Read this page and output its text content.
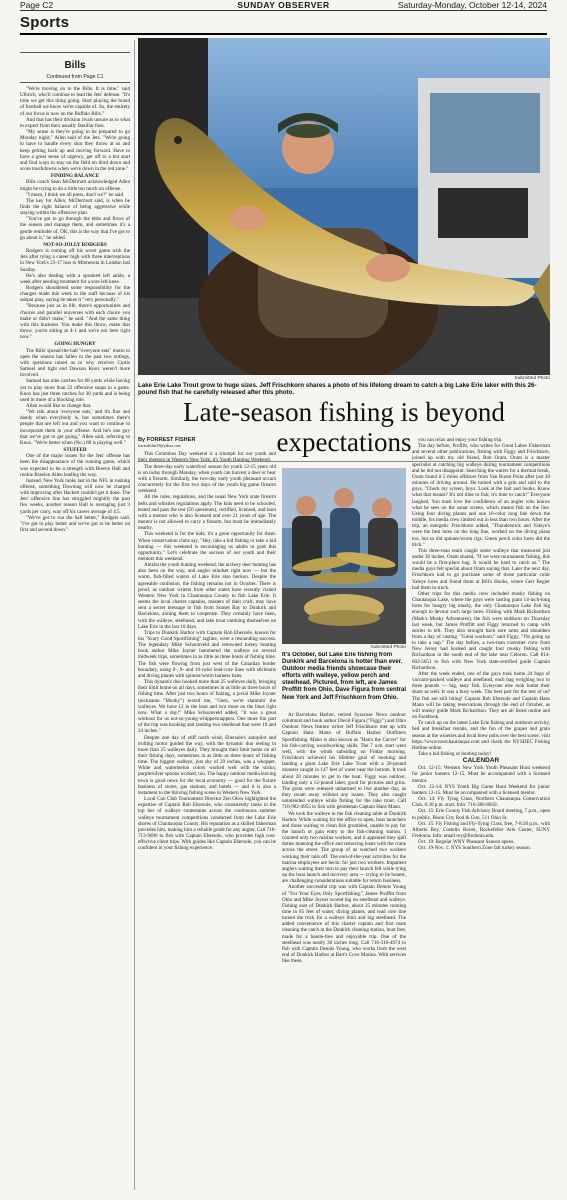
Page C2	SUNDAY OBSERVER	Saturday-Monday, October 12-14, 2024
Sports
Bills
Continued from Page C1

"We're moving on to the Bills. It is time," said Ulbrich, who'll continue to lead the Jets' defense. "It's time we get this thing going. Start playing the brand of football we know we're capable of. So, the entirety of our focus is now on the Buffalo Bills."

And that has their division rivals unsure as to what to expect from their usually familiar foes.

"My sense is they're going to be prepared to go Monday night," Allen said of the Jets. "We're going to have to handle every shot they throw at us and keep getting back up and moving forward. Have to have a great sense of urgency, get off to a hot start and find ways to stay on the field on third down and score touchdowns when we're down in the red zone."

FINDING BALANCE

Bills coach Sean McDermott acknowledged Allen might be trying to do a little too much on offense.

"I mean, I think we all press, don't we?" he said.

The key for Allen, McDermott said, is when he finds the right balance of being aggressive while staying within the offensive plan.

"You've got to go through the ebbs and flows of the season and manage them, and sometimes it's a gentle reminder of, OK, this is the way that I've got to go about it," he added.

NOT-SO-JOLLY RODGERS

Rodgers is coming off his worst game with the Jets after tying a career high with three interceptions in New York's 23-17 loss to Minnesota in London last Sunday.

He's also dealing with a sprained left ankle, a week after needing treatment for a sore left knee.

Rodgers shouldered some responsibility for the changes made this week to the staff because of his subpar play, saying he takes it "very personally."

"Because just as in life, there's opportunities and choices and parallel universes with each choice you make or didn't make," he said. "And the same thing with this business. You make this throw, make that throw, you're sitting at 4-1 and we're not here right now."

GOING HUNGRY

The Bills' spread-the-ball "everyone eats" motto to open the season has fallen in the past two outings, with questions raised as to why receiver Curtis Samuel and tight end Dawson Knox weren't more involved.

Samuel has nine catches for 68 yards while having yet to play more than 22 offensive snaps in a game. Knox has just three catches for 30 yards and is being used in more of a blocking role.

Allen would like to change that.

"We talk about 'everyone eats,' and it's fine and dandy when everybody is, but sometimes there's people that are left out and you want to continue to incorporate them in your offense. And he's one guy that we've got to get going," Allen said, referring to Knox. "We're better when (No.) 88 is playing well."

STUFFED

One of the major issues for the Jets' offense has been the disappearance of the running game, which was expected to be a strength with Breece Hall and rookie Braelon Allen leading the way.

Instead, New York ranks last in the NFL in rushing offense, something Downing will now be charged with improving after Hackett couldn't get it done. The Jets' offensive line has struggled mightily the past few weeks, another reason Hall is averaging just 3 yards per carry, way off his career average of 4.5.

"We've got to run the ball better," Rodgers said. "I've got to play better and we've got to be better on first and second down."

Submitted Photo
Lake Erie Lake Trout grow to huge sizes. Jeff Frischkorn shares a photo of his lifelong dream to catch a big Lake Erie laker with this 26-pound fish that he carefully released after this photo.
Late-season fishing is beyond expectations

By FORREST FISHER

forrestfisher39@yahoo.com

This Columbus Day weekend is a triumph for our youth and their mentors in Western New York; it's Youth Hunting Weekend.

The three-day early waterfowl season for youth 12-15 years old is on today through Monday, when youth can harvest a deer or bear with a firearm. Similarly, the two-day early youth pheasant occurs concurrently for the first two days of the youth big game firearm weekend.

All the rules, regulations, and the usual New York state firearm belts and whistles regulations apply. The kids need to be schooled, tested and pass the test (50 questions), certified, licensed, and hunt with a mentor who is also licensed and over 21 years of age. The mentor is not allowed to carry a firearm, but must be immediately nearby.

This weekend is for the kids; it's a great opportunity for them. When conservation clubs say, "Hey, take a kid fishing or take a kid hunting — this weekend is encouraging us adults to grab this opportunity." Let's celebrate the success of our youth and their mentors this weekend.

Amidst the youth hunting weekend, the archery deer hunting has also been on the way, and angler mindset right now — but the warm, fish-filled waters of Lake Erie also beckon. Despite the agreeable confusion, the fishing remains hot in October. There is proof, as outdoor writers from other states have recently visited Western New York in Chautauqua County to fish Lake Erie. It seems the local charter captains, masters of their craft, may have sent a secret message to fish from Sunset Bay to Dunkirk and Barcelona, aiming them to cooperate. They certainly have been, with the walleye, steelhead, and lake trout outdoing themselves on Lake Erie in the last 10 days.

Trips to Dunkirk Harbor with Captain Rob Ebersole, known for his "Scary Good Sportfishing" tagline, were a resounding success. The legendary Mike Schoonveld and renowned turkey hunting book author Mike Joyner hammered the walleye on several midweek trips, sometimes in as little as three hours of fishing time. The fish were flowing from just west of the Canadian border boundary, using 8-, 9- and 10-color lead-core lines with stickbaits and diving planes with spinner/worm harness baits.

This dynamic duo hooked more than 25 walleyes daily, bringing their limit home on all days, sometimes in as little as three hours of fishing time. After just two hours of fishing, a jovial Mike Joyner (nickname "Mooky") texted me, "Geez, we're slammin' the walleyes. We have 12 in the boat and two more on the lines right now. What a day!" Mike Schoonveld added, "It was a great workout for us not-so-young-whippersnappers. One more fun part of the trip was hooking and landing two steelhead that were 19 and 24 inches."

Despite one day of stiff north wind, Ebersole's autopilot and trolling motor guided the way, with the dynamic duo reeling in more than 25 walleyes daily. They brought their limit home on all their fishing days, sometimes in as little as three hours of fishing time. The biggest walleye, just shy of 29 inches, was a whopper. White and watermelon colors worked well with the sticks; purple/silver spoons worked, too. The happy outdoor media leaving town is good news for the local economy — good for the fixture business of stores, gas stations, and hotels — and it is also a testament to the thriving fishing scene in Western New York.

Local Con Club Tournament Director Zen Olow highlighted the expertise of Captain Rob Ebersole, who consistently ranks in the top tier of walleye contestants across the continuous summer walleye tournament competitions conducted from the Lake Erie shores of Chautauqua County. His reputation as a skilled fisherman precedes him, making him a reliable guide for any angler. Call 716-713-9696 to fish with Captain Ebersole, who provides high cost-effective client trips. With guides like Captain Ebersole, you can be confident in your fishing experience.

Submitted Photo
It's October, but Lake Erie fishing from Dunkirk and Barcelona is hotter than ever. Outdoor media friends showcase their efforts with walleye, yellow perch and steelhead. Pictured, from left, are James Proffitt from Ohio, Dave Figura from central New York and Jeff Frischkorn from Ohio.

At Barcelona Harbor, retired Syracuse News outdoor columnist and book author David Figura ("Figgy") and Ohio Outdoor News feature writer Jeff Frischkorn met up with Captain Hans Mann of Buffalo Harbor Outfitters Sportfishing. Mann is also known as "Han's the Carver" for his fish-carving woodworking skills. The 7 a.m. start went well, with the winds subsiding on Friday morning. Frischkorn achieved his lifetime goal of hooking and landing a giant Lake Erie Lake Trout with a 26-pound monster caught in 147 feet of water near the bottom. It took about 20 minutes to get to the boat. Figgy was outdoor, landing only a 12-pound laker, good for pictures and grins. The great were released unharmed to live another day, as they swam away without any issues. They also caught unintended walleye while fishing for the lake trout. Call 716-982-4955 to fish with gentleman Captain Hans Mann.

We took the walleye to the fish cleaning table at Dunkirk Harbor. While waiting for the office to open, boat launchers and those waiting to clean fish grumbled, unable to pay for the launch or gain entry to the fish-cleaning station. I counted only two marina workers, and it appeared they split duties manning the office and removing boats with the crane across the street. The group of us watched two workers working their tails off. The end-of-the-year activities for the marina employees are hectic for just two workers. Impatient anglers waiting their turn to pay their launch fell while tying up the boat launch and recovery area — trying to be honest, are challenging considerations suitable for return business.

Another successful trip was with Captain Dennis Young of "For Your Eyes Only Sportfishing." James Proffitt from Ohio and Mike Joyner scored big on steelhead and walleye. Fishing east of Dunkirk Harbor, about 25 minutes running time in 85 feet of water, diving planes, and lead core line turned the trick for a walleye limit and big steelhead. The added convenience of this charter captain and first mate cleaning the catch at the Dunkirk cleaning station, boat free, made for a hassle-free and enjoyable trip. One of the steelhead was nearly 30 inches long. Call 716-316-4974 to fish with Captain Dennis Young, who works from the west end of Dunkirk Harbor at Bart's Cove Marina. With services like these,

you can relax and enjoy your fishing trip.

The day before, Proffitt, who writes for Great Lakes Fisherman and several other publications, fishing with Figgy and Frischkorn, joined up with my old friend, Rob Oram. Oram is a master specialist at catching big walleye during tournament competitions and he did not disappoint. Searching the waters for a thermal break, Oram found it 5 miles offshore from Van Buren Point after just 30 minutes of driving around. He turned with a grin and said to the guys, "Check my screen, boys. Look at the bait and hooks. Know what that means? It's not time to fish; it's time to catch!" Everyone laughed. You must love the confidence of an angler who knows what he sees on the sonar screen, which means fish on the line. Using four diving planes and one 10-color long line down the middle, his media crew limited out in less than two hours. After the trip, an energetic Frischkorn added, "Thunderstick and Yaleye's were the best lures on the long line, worked on the diving plans too, but so did spinner/worm rigs. Green perch color lures did the trick."

This three-man team caught some walleye that measured just under 30 inches. Oram shared, "If we were tournament fishing, this would be a first-place bag. It would be hard to catch us." The media guys felt special about Oram saying that. Later the next day, Frischkorn had to go purchase some of those particular color Yaleye lures and found them at Bill's Hooks, where Gert Begier had them in stock.

Other trips for this media crew included musky fishing on Chautauqua Lake, where the guys were casting giant 14-inch-long lures for hungry big musky, the only Chautauqua Lake fish big enough to devour such large lures. Fishing with Mark Richardson (Mark's Musky Adventures), the fish were stubborn on Thursday last week, but James Proffitt and Figgy returned to camp with stories to tell. They also brought back sore arms and shoulders from a day of casting. "Great workout," said Figgy, "I'm going up to take a nap." The day before, a two-man customer crew from New Jersey had hooked and caught four musky fishing with Richardson in the south end of the lake near Celoron. Call 814-602-5651 to fish with New York state-certified guide Captain Richardson.

After the week ended, one of the guys took home 24 bags of vacuum-packed walleye and steelhead, each bag weighing two to three pounds — big, tasty fish. Everyone else took home their share as well. It was a busy week. The best part for the rest of us? The fish are still biting! Captain Rob Ebersole and Captain Hans Mann will be taking reservations through the end of October, as will musky guide Mark Richardson. They are all listed online and on Facebook.

To catch up on the latest Lake Erie fishing and outdoors activity, bed and breakfast rentals, and the fun of the grapes and grain season at the wineries and local brew pubs over the best scene, visit https://www.tourchautauqua.com and check the NYSDEC Fishing Hotline online.

Take a kid fishing or hunting today!

CALENDAR

Oct. 12-15: Western New York Youth Pheasant Hunt weekend for junior hunters 12-15. Must be accompanied with a licensed mentor.

Oct. 12-14: NYS Youth Big Game Hunt Weekend for junior hunters 12-15. Must be accompanied with a licensed mentor.

Oct. 14: Fly Tying Class, Northern Chautauqua Conservation Club, 6:30 p.m. start; Info: 716-366-8850.

Oct. 15: Erie County Fish Advisory Board meeting, 7 p.m., open to public, Bison City Rod & Gun, 511 Ohio St.

Oct. 15: Fly Fishing and Fly-Tying Class, free, 7-8:30 p.m., with Alberto Rey, Costello Room, Rockefeller Arts Center, SUNY Fredonia. Info: email rey@fredonia.edu.

Oct. 19: Regular WNY Pheasant Season opens.

Oct. 19-Nov. 1: NYS Southern Zone fall turkey season.
